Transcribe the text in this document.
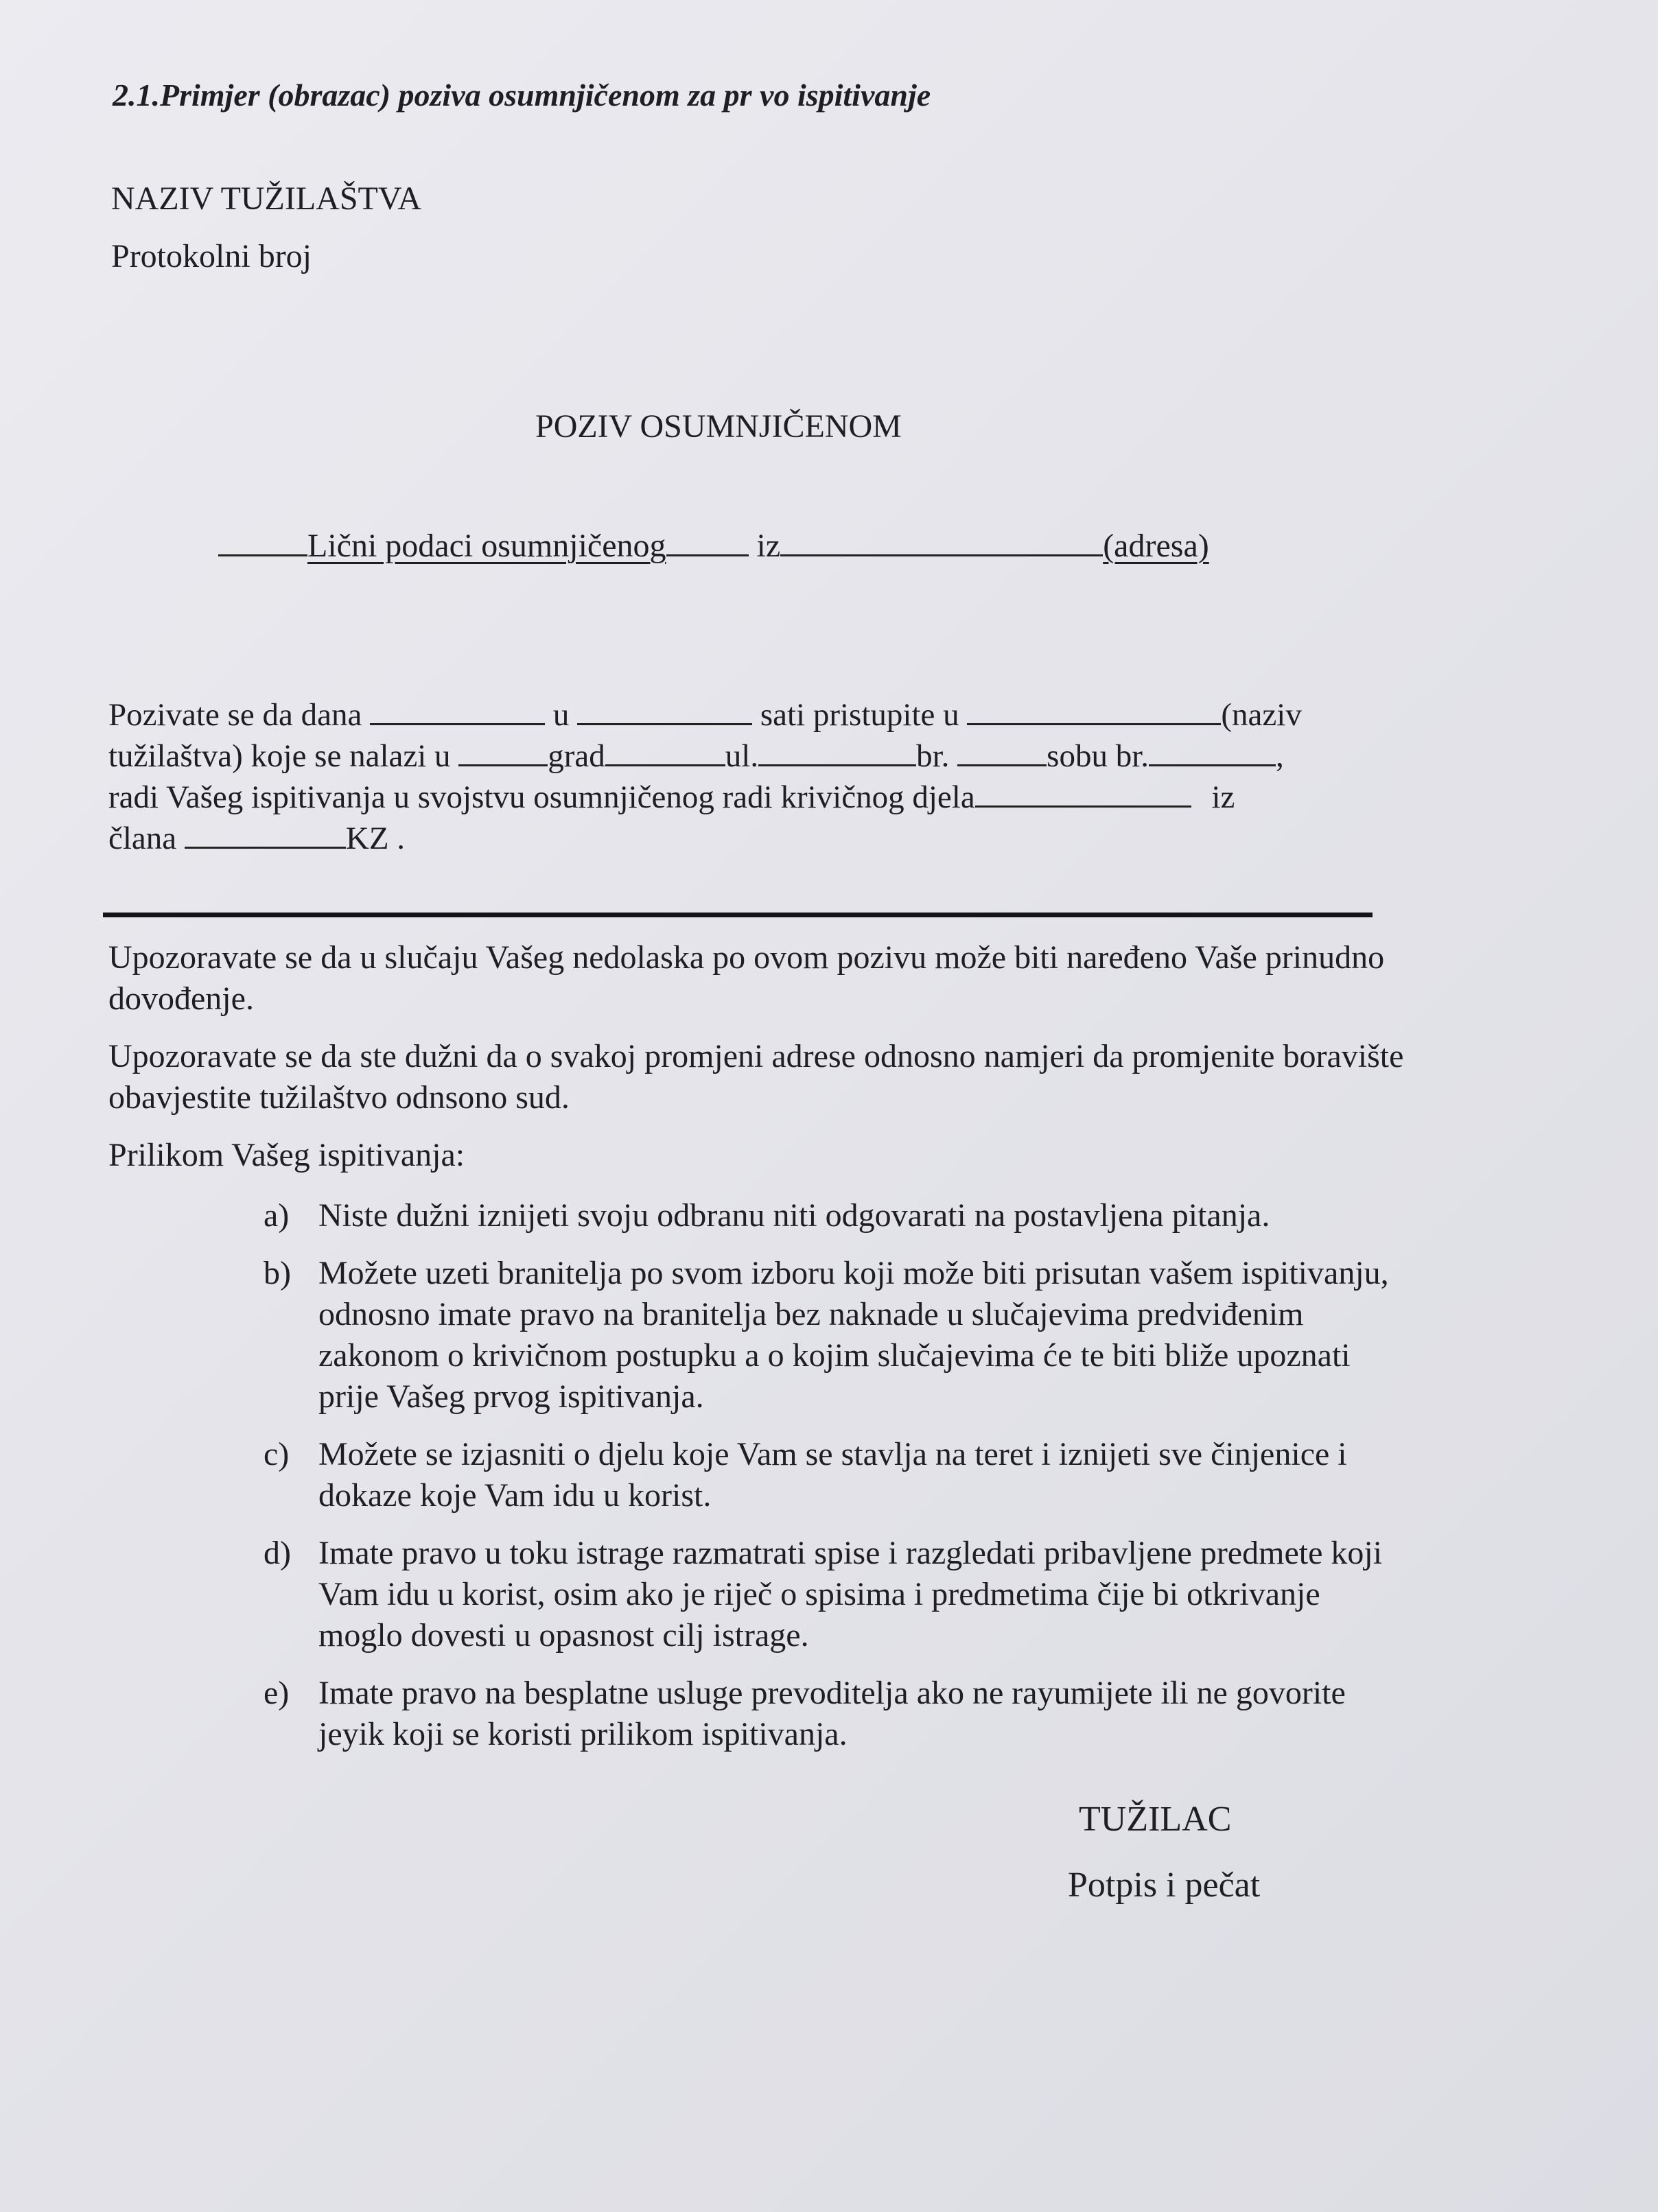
2.1.Primjer (obrazac) poziva osumnjičenom za pr vo ispitivanje
NAZIV TUŽILAŠTVA
Protokolni broj
POZIV OSUMNJIČENOM
Lični podaci osumnjičenog	iz	(adresa)
Pozivate se da dana	u	sati pristupite u	(naziv
tužilaštva) koje se nalazi u	grad	ul.	br.	sobu br.	,
radi Vašeg ispitivanja u svojstvu osumnjičenog radi krivičnog djela	iz
člana	KZ .

Upozoravate se da u slučaju Vašeg nedolaska po ovom pozivu može biti naređeno Vaše prinudno dovođenje.

Upozoravate se da ste dužni da o svakoj promjeni adrese odnosno namjeri da promjenite boravište obavjestite tužilaštvo odnsono sud.

Prilikom Vašeg ispitivanja:

a) Niste dužni iznijeti svoju odbranu niti odgovarati na postavljena pitanja.
b) Možete uzeti branitelja po svom izboru koji može biti prisutan vašem ispitivanju, odnosno imate pravo na branitelja bez naknade u slučajevima predviđenim zakonom o krivičnom postupku a o kojim slučajevima će te biti bliže upoznati prije Vašeg prvog ispitivanja.
c) Možete se izjasniti o djelu koje Vam se stavlja na teret i iznijeti sve činjenice i dokaze koje Vam idu u korist.
d) Imate pravo u toku istrage razmatrati spise i razgledati pribavljene predmete koji Vam idu u korist, osim ako je riječ o spisima i predmetima čije bi otkrivanje moglo dovesti u opasnost cilj istrage.
e) Imate pravo na besplatne usluge prevoditelja ako ne rayumijete ili ne govorite jeyik koji se koristi prilikom ispitivanja.
TUŽILAC
Potpis i pečat
